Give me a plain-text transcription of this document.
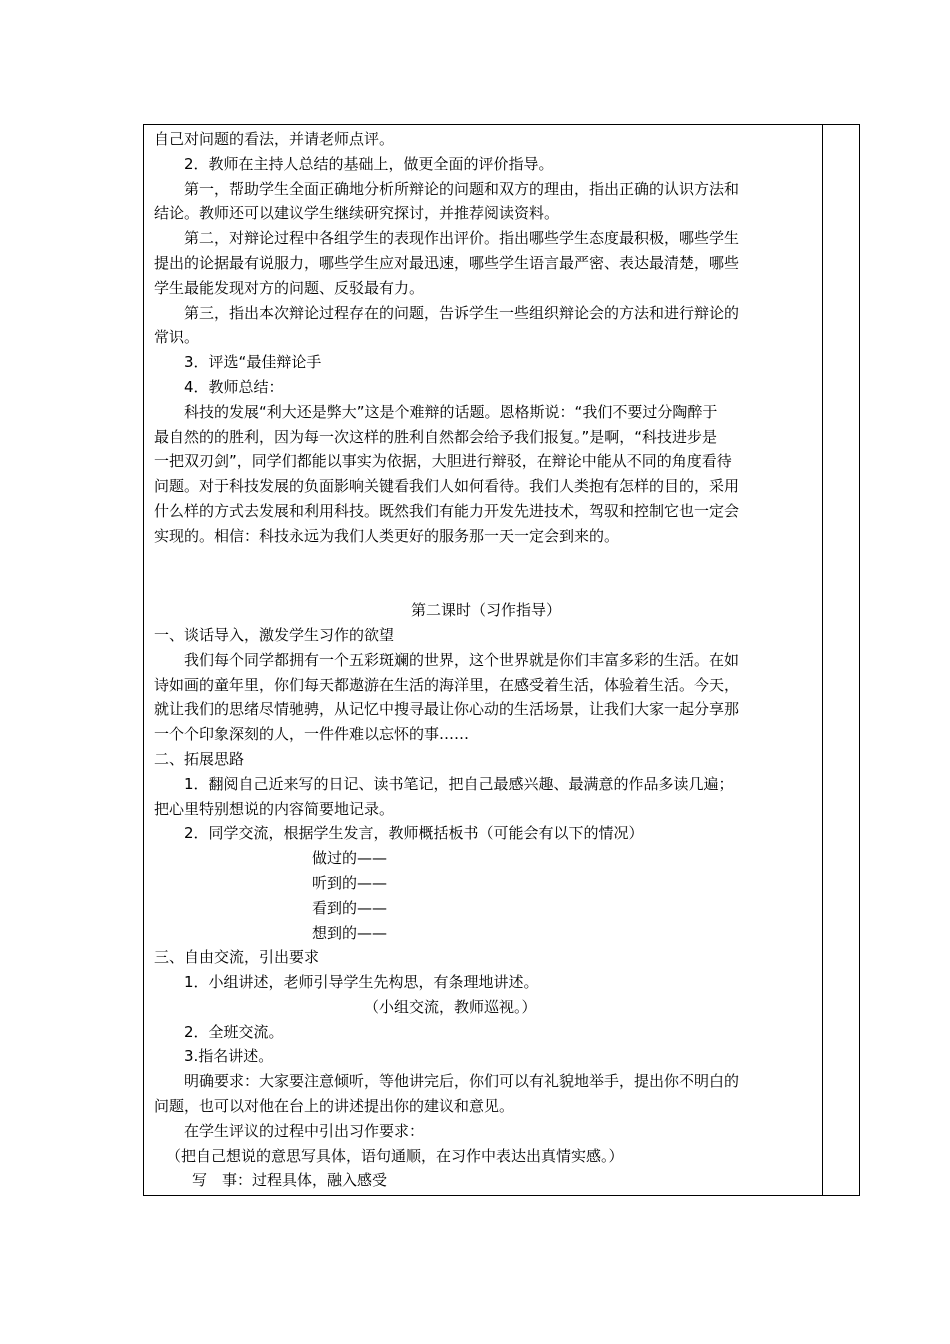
自己对问题的看法，并请老师点评。
2．教师在主持人总结的基础上，做更全面的评价指导。
第一，帮助学生全面正确地分析所辩论的问题和双方的理由，指出正确的认识方法和
结论。教师还可以建议学生继续研究探讨，并推荐阅读资料。
第二，对辩论过程中各组学生的表现作出评价。指出哪些学生态度最积极，哪些学生
提出的论据最有说服力，哪些学生应对最迅速，哪些学生语言最严密、表达最清楚，哪些
学生最能发现对方的问题、反驳最有力。
第三，指出本次辩论过程存在的问题，告诉学生一些组织辩论会的方法和进行辩论的
常识。
3．评选“最佳辩论手
4．教师总结：
科技的发展“利大还是弊大”这是个难辩的话题。恩格斯说：“我们不要过分陶醉于
最自然的的胜利，因为每一次这样的胜利自然都会给予我们报复。”是啊，“科技进步是
一把双刃剑”，同学们都能以事实为依据，大胆进行辩驳，在辩论中能从不同的角度看待
问题。对于科技发展的负面影响关键看我们人如何看待。我们人类抱有怎样的目的，采用
什么样的方式去发展和利用科技。既然我们有能力开发先进技术，驾驭和控制它也一定会
实现的。相信：科技永远为我们人类更好的服务那一天一定会到来的。
第二课时（习作指导）
一、谈话导入，激发学生习作的欲望
我们每个同学都拥有一个五彩斑斓的世界，这个世界就是你们丰富多彩的生活。在如
诗如画的童年里，你们每天都遨游在生活的海洋里，在感受着生活，体验着生活。今天，
就让我们的思绪尽情驰骋，从记忆中搜寻最让你心动的生活场景，让我们大家一起分享那
一个个印象深刻的人，一件件难以忘怀的事……
二、拓展思路
1．翻阅自己近来写的日记、读书笔记，把自己最感兴趣、最满意的作品多读几遍；
把心里特别想说的内容简要地记录。
2．同学交流，根据学生发言，教师概括板书（可能会有以下的情况）
做过的——
听到的——
看到的——
想到的——
三、自由交流，引出要求
1．小组讲述，老师引导学生先构思，有条理地讲述。
（小组交流，教师巡视。）
2．全班交流。
3.指名讲述。
明确要求：大家要注意倾听，等他讲完后，你们可以有礼貌地举手，提出你不明白的
问题，也可以对他在台上的讲述提出你的建议和意见。
在学生评议的过程中引出习作要求：
（把自己想说的意思写具体，语句通顺，在习作中表达出真情实感。）
写　事：过程具体，融入感受
